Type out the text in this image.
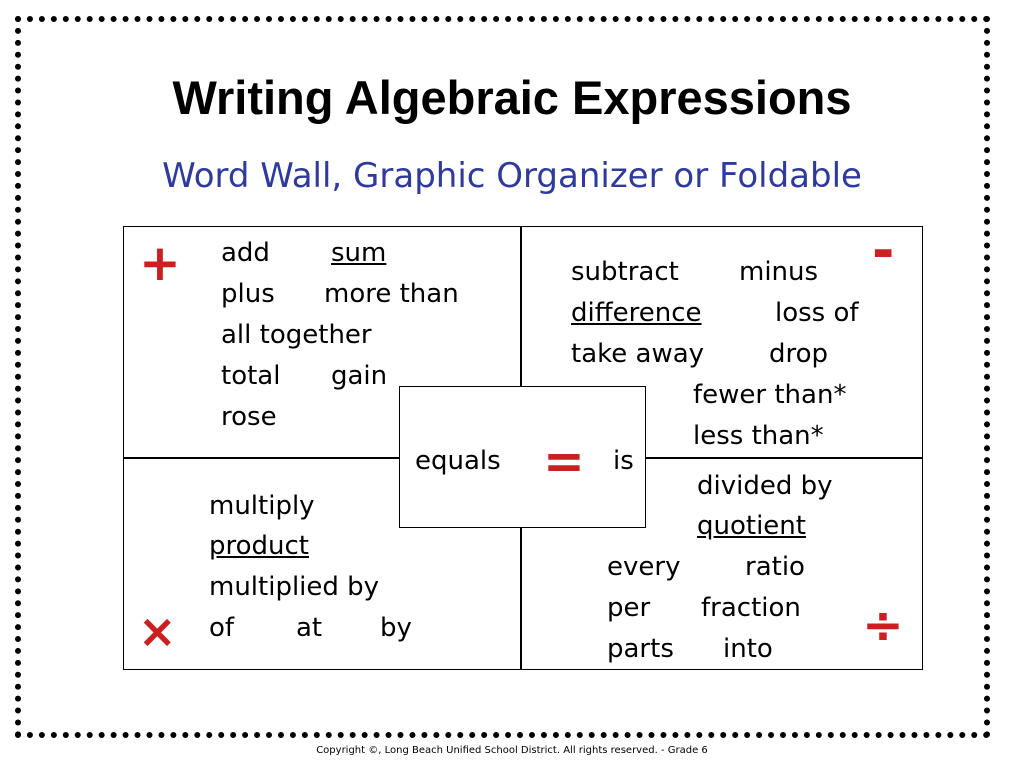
Writing Algebraic Expressions
Word Wall, Graphic Organizer or Foldable
+ add sum
plus more than
all together
total gain
rose
-
subtract minus
difference	loss of
take away drop
fewer than*
less than*
×
multiply
product
multiplied by
of at by	÷
divided by
quotient
every ratio
per fraction
parts into
equals = is
Copyright ©, Long Beach Unified School District. All rights reserved. - Grade 6
